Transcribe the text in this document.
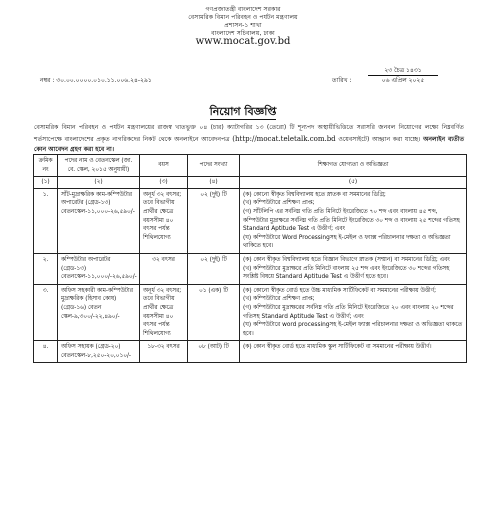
গণপ্রজাতন্ত্রী বাংলাদেশ সরকার
বেসামরিক বিমান পরিবহন ও পর্যটন মন্ত্রণালয়
প্রশাসন-১ শাখা
বাংলাদেশ সচিবালয়, ঢাকা
www.mocat.gov.bd
নম্বর : ৩০.০০.০০০০.০১০.১১.০০৬.২৪-২৯১	তারিখ :
২৩ চৈত্র ১৪৩১
০৬ এপ্রিল ২০২৫
নিয়োগ বিজ্ঞপ্তি
বেসামরিক বিমান পরিবহন ও পর্যটন মন্ত্রণালয়ের রাজস্ব খাতভুক্ত ০৪ (চার) ক্যাটাগরির ১৩ (তেরো) টি শূন্যপদ অস্থায়ীভিত্তিতে সরাসরি জনবল নিয়োগের লক্ষ্যে নিম্নবর্ণিত শর্তসাপেক্ষে বাংলাদেশের প্রকৃত নাগরিকদের নিকট থেকে অনলাইনে আবেদনপত্র (http://mocat.teletalk.com.bd ওয়েবসাইটে) আহ্বান করা যাচ্ছে। অনলাইন ব্যতীত কোন আবেদন গ্রহণ করা হবে না।
ক্রমিক নং	পদের নাম ও বেতনস্কেল (জা. বে. স্কেল, ২০১৫ অনুযায়ী)	বয়স	পদের সংখ্যা	শিক্ষাগত যোগ্যতা ও অভিজ্ঞতা
(১)	(২)	(৩)	(৪)	(৫)
১.	সাঁট-মুদ্রাক্ষরিক কাম-কম্পিউটার অপারেটর (গ্রেড-১৩) বেতনস্কেল-১১,০০০-২৬,৫৯০/-	অনূর্ধ ৩২ বৎসর; তবে বিভাগীয় প্রার্থীর ক্ষেত্রে বয়সসীমা ৪০ বৎসর পর্যন্ত শিথিলযোগ্য	০২ (দুই) টি	(ক) কোনো স্বীকৃত বিশ্ববিদ্যালয় হতে স্নাতক বা সমমানের ডিগ্রি;
(খ) কম্পিউটারে প্রশিক্ষণ প্রাপ্ত;
(গ) সাঁটলিপি এর সর্বনিম্ন গতি প্রতি মিনিটে ইংরেজিতে ৭০ শব্দ এবং বাংলায় ৪৫ শব্দ, কম্পিউটার মুদ্রাক্ষরে সর্বনিম্ন গতি প্রতি মিনিটে ইংরেজিতে ৩০ শব্দ ও বাংলায় ২৫ শব্দের গতিসহ Standard Aptitude Test এ উত্তীর্ণ; এবং
(ঘ) কম্পিউটারে Word Processingসহ ই-মেইল ও ফ্যাক্স পরিচালনার দক্ষতা ও অভিজ্ঞতা থাকিতে হবে।

২.	কম্পিউটার অপারেটর (গ্রেড-১৩) বেতনস্কেল-১১,০০০/-২৬,৫৯০/-	৩২ বৎসর	০২ (দুই) টি	(ক) কোন স্বীকৃত বিশ্ববিদ্যালয় হতে বিজ্ঞান বিভাগে স্নাতক (সম্মান) বা সমমানের ডিগ্রি; এবং
(খ) কম্পিউটারে মুদ্রাক্ষরে প্রতি মিনিটে বাংলায় ২৫ শব্দ এবং ইংরেজিতে ৩০ শব্দের গতিসহ সংশ্লিষ্ট বিষয়ে Standard Aptitude Test এ উত্তীর্ণ হতে হবে।

৩.	অফিস সহকারী কাম-কম্পিউটার মুদ্রাক্ষরিক (হিসাব কোষ) (গ্রেড-১৬) বেতন স্কেল-৯,৩০০/-২২,৪৯০/-	অনূর্ধ ৩২ বৎসর; তবে বিভাগীয় প্রার্থীর ক্ষেত্রে বয়সসীমা ৪০ বৎসর পর্যন্ত শিথিলযোগ্য	০১ (এক) টি	(ক) কোনো স্বীকৃত বোর্ড হতে উচ্চ মাধ্যমিক সার্টিফিকেট বা সমমানের পরীক্ষায় উত্তীর্ণ;
(খ) কম্পিউটারে প্রশিক্ষণ প্রাপ্ত;
(গ) কম্পিউটারে মুদ্রাক্ষরের সর্বনিম্ন গতি প্রতি মিনিটে ইংরেজিতে ২০ এবং বাংলায় ২০ শব্দের গতিসহ Standard Aptitude Test এ উত্তীর্ণ; এবং
(ঘ) কম্পিউটারে word processingসহ ই-মেইল ফ্যাক্স পরিচালনার দক্ষতা ও অভিজ্ঞতা থাকতে হবে।

৪.	অফিস সহায়ক (গ্রেড-২০) বেতনস্কেল-৮,২৫০-২০,০১০/-	১৮-৩২ বৎসর	০৮ (আট) টি	(ক) কোন স্বীকৃত বোর্ড হতে মাধ্যমিক স্কুল সার্টিফিকেট বা সমমানের পরীক্ষায় উত্তীর্ণ।
